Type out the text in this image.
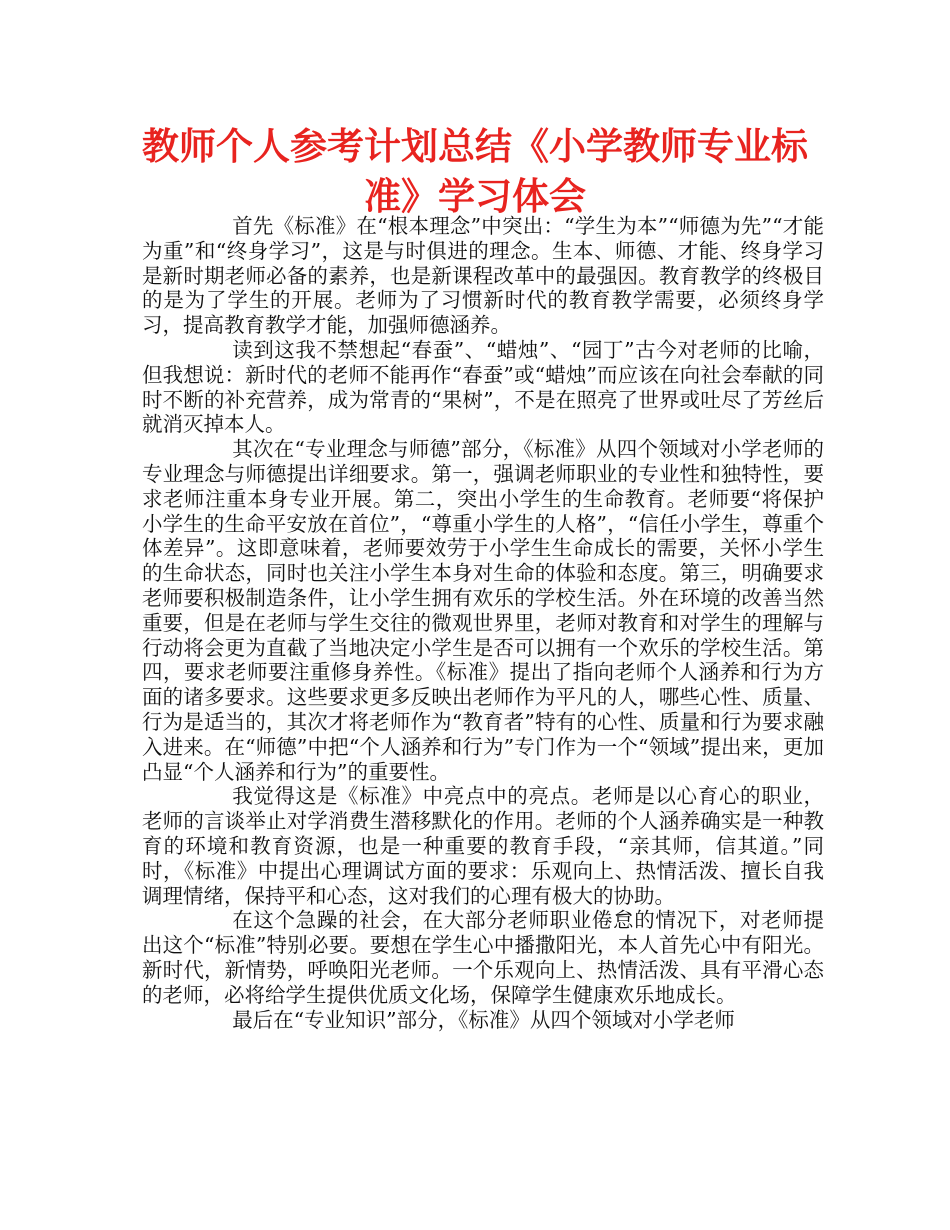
教师个人参考计划总结《小学教师专业标准》学习体会

首先《标准》在“根本理念”中突出：“学生为本”“师德为先”“才能为重”和“终身学习”，这是与时俱进的理念。生本、师德、才能、终身学习是新时期老师必备的素养，也是新课程改革中的最强因。教育教学的终极目的是为了学生的开展。老师为了习惯新时代的教育教学需要，必须终身学习，提高教育教学才能，加强师德涵养。

读到这我不禁想起“春蚕”、“蜡烛”、“园丁”古今对老师的比喻，但我想说：新时代的老师不能再作“春蚕”或“蜡烛”而应该在向社会奉献的同时不断的补充营养，成为常青的“果树”，不是在照亮了世界或吐尽了芳丝后就消灭掉本人。

其次在“专业理念与师德”部分，《标准》从四个领域对小学老师的专业理念与师德提出详细要求。第一，强调老师职业的专业性和独特性，要求老师注重本身专业开展。第二，突出小学生的生命教育。老师要“将保护小学生的生命平安放在首位”，“尊重小学生的人格”，“信任小学生，尊重个体差异”。这即意味着，老师要效劳于小学生生命成长的需要，关怀小学生的生命状态，同时也关注小学生本身对生命的体验和态度。第三，明确要求老师要积极制造条件，让小学生拥有欢乐的学校生活。外在环境的改善当然重要，但是在老师与学生交往的微观世界里，老师对教育和对学生的理解与行动将会更为直截了当地决定小学生是否可以拥有一个欢乐的学校生活。第四，要求老师要注重修身养性。《标准》提出了指向老师个人涵养和行为方面的诸多要求。这些要求更多反映出老师作为平凡的人，哪些心性、质量、行为是适当的，其次才将老师作为“教育者”特有的心性、质量和行为要求融入进来。在“师德”中把“个人涵养和行为”专门作为一个“领域”提出来，更加凸显“个人涵养和行为”的重要性。

我觉得这是《标准》中亮点中的亮点。老师是以心育心的职业，老师的言谈举止对学消费生潜移默化的作用。老师的个人涵养确实是一种教育的环境和教育资源，也是一种重要的教育手段，“亲其师，信其道。”同时，《标准》中提出心理调试方面的要求：乐观向上、热情活泼、擅长自我调理情绪，保持平和心态，这对我们的心理有极大的协助。

在这个急躁的社会，在大部分老师职业倦怠的情况下，对老师提出这个“标准”特别必要。要想在学生心中播撒阳光，本人首先心中有阳光。新时代，新情势，呼唤阳光老师。一个乐观向上、热情活泼、具有平滑心态的老师，必将给学生提供优质文化场，保障学生健康欢乐地成长。

最后在“专业知识”部分，《标准》从四个领域对小学老师
